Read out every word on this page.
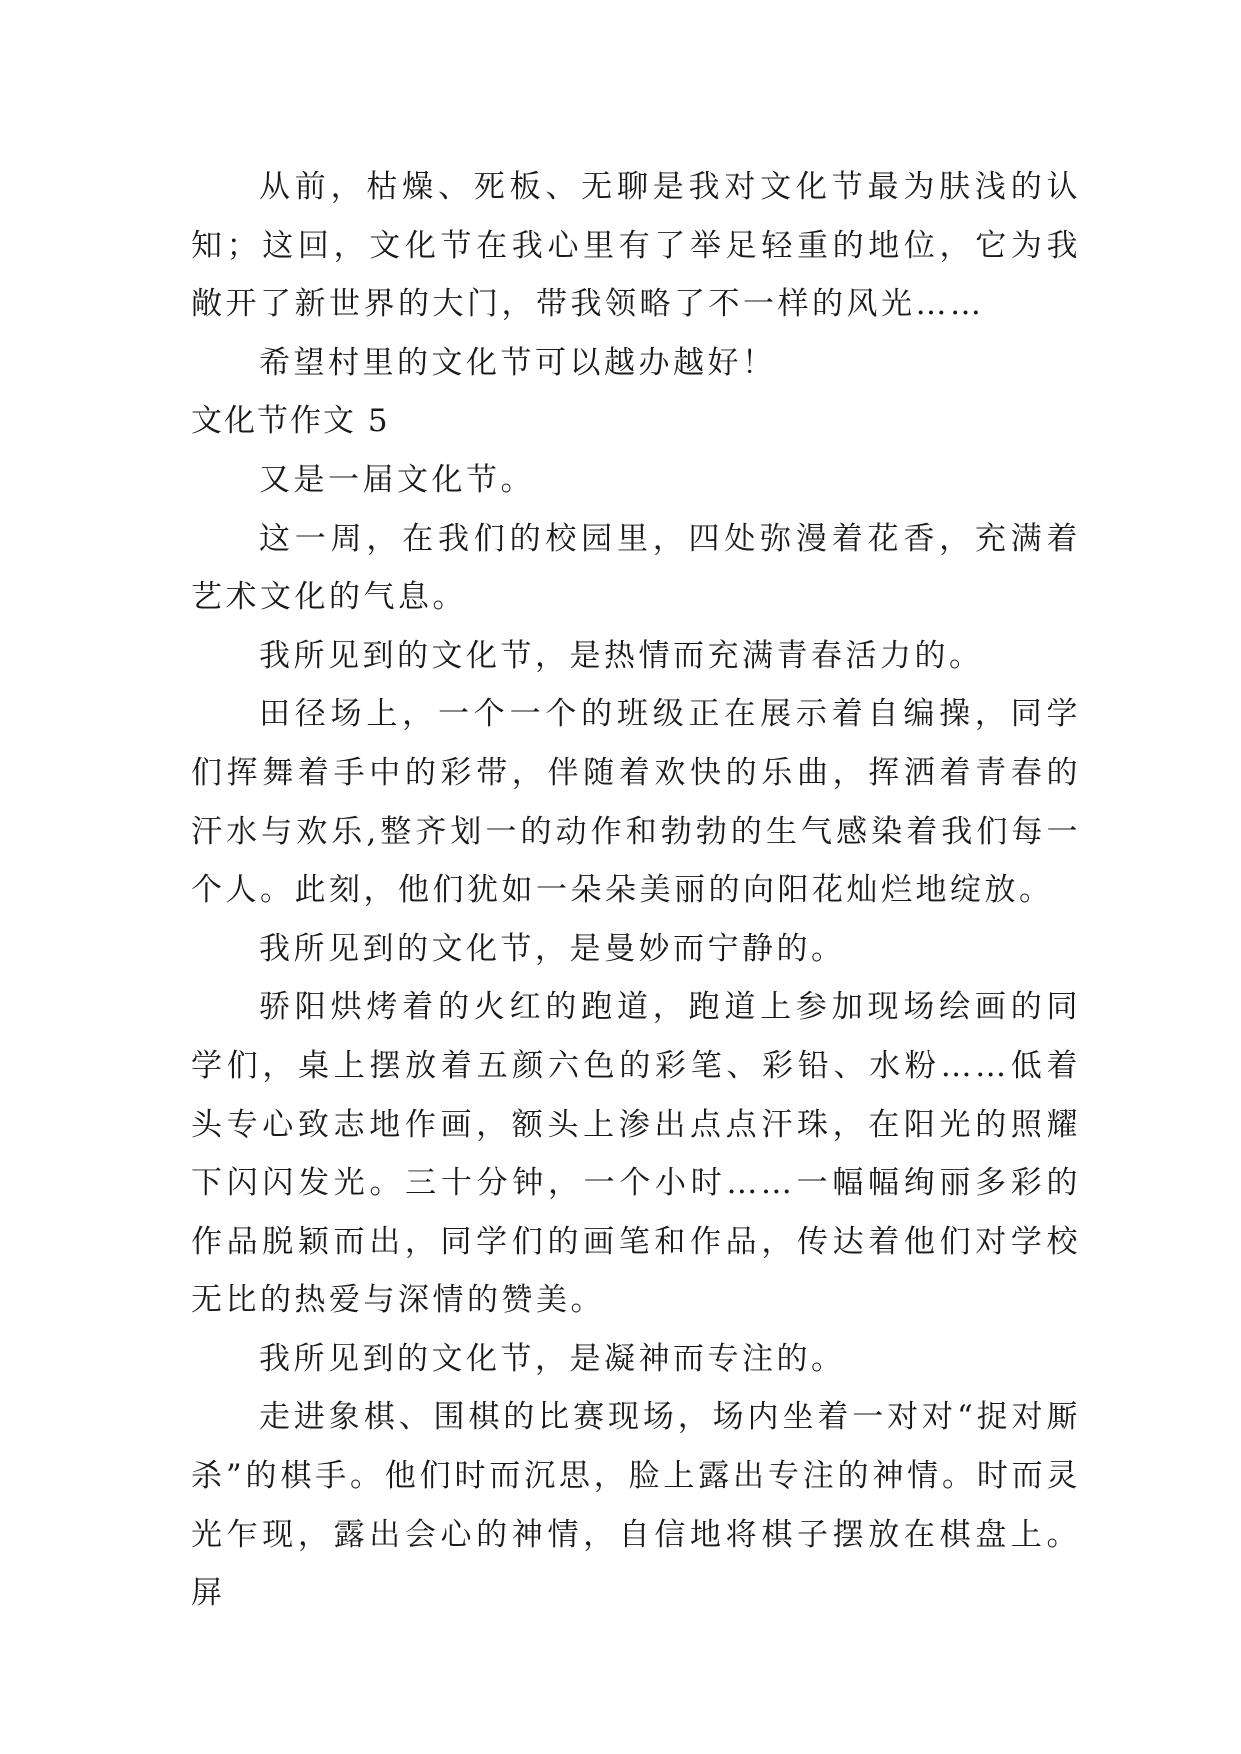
从前，枯燥、死板、无聊是我对文化节最为肤浅的认知；这回，文化节在我心里有了举足轻重的地位，它为我敞开了新世界的大门，带我领略了不一样的风光……

希望村里的文化节可以越办越好！

文化节作文 5

又是一届文化节。

这一周，在我们的校园里，四处弥漫着花香，充满着艺术文化的气息。

我所见到的文化节，是热情而充满青春活力的。

田径场上，一个一个的班级正在展示着自编操，同学们挥舞着手中的彩带，伴随着欢快的乐曲，挥洒着青春的汗水与欢乐,整齐划一的动作和勃勃的生气感染着我们每一个人。此刻，他们犹如一朵朵美丽的向阳花灿烂地绽放。

我所见到的文化节，是曼妙而宁静的。

骄阳烘烤着的火红的跑道，跑道上参加现场绘画的同学们，桌上摆放着五颜六色的彩笔、彩铅、水粉……低着头专心致志地作画，额头上渗出点点汗珠，在阳光的照耀下闪闪发光。三十分钟，一个小时……一幅幅绚丽多彩的作品脱颖而出，同学们的画笔和作品，传达着他们对学校无比的热爱与深情的赞美。

我所见到的文化节，是凝神而专注的。

走进象棋、围棋的比赛现场，场内坐着一对对“捉对厮杀”的棋手。他们时而沉思，脸上露出专注的神情。时而灵光乍现，露出会心的神情，自信地将棋子摆放在棋盘上。屏
